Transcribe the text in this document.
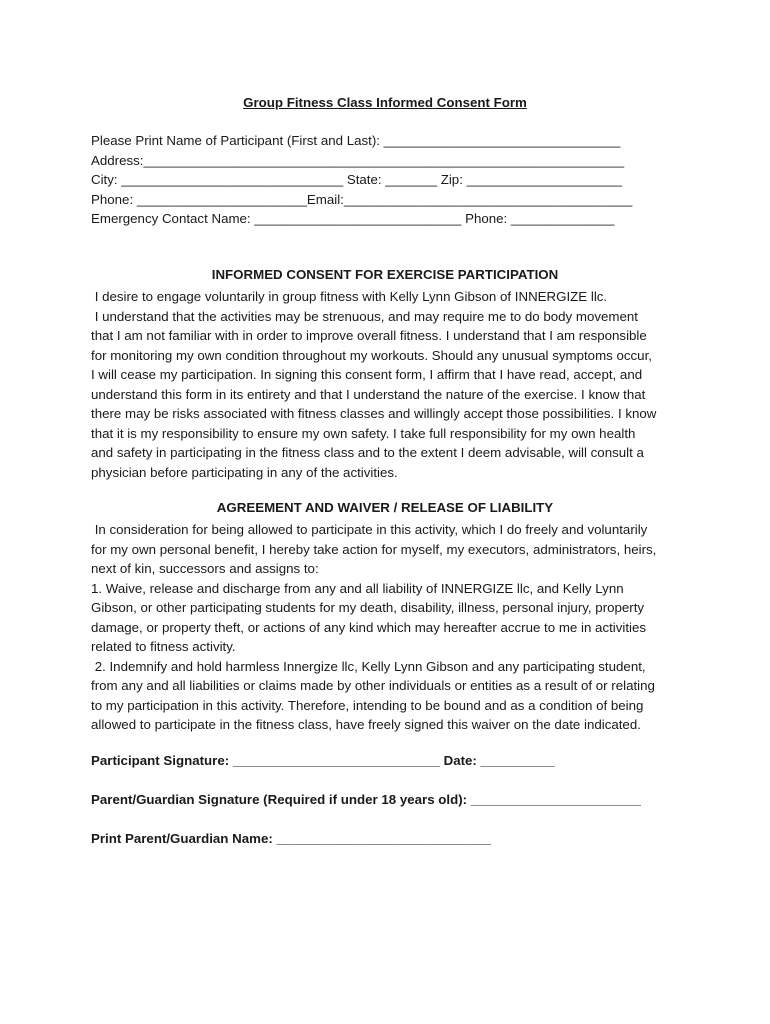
Group Fitness Class Informed Consent Form
Please Print Name of Participant (First and Last): ________________________________
Address:_________________________________________________________________
City: ______________________________ State: _______ Zip: _____________________
Phone: _______________________Email:_______________________________________
Emergency Contact Name: ____________________________ Phone: ______________
INFORMED CONSENT FOR EXERCISE PARTICIPATION
I desire to engage voluntarily in group fitness with Kelly Lynn Gibson of INNERGIZE llc.
I understand that the activities may be strenuous, and may require me to do body movement
that I am not familiar with in order to improve overall fitness. I understand that I am responsible
for monitoring my own condition throughout my workouts. Should any unusual symptoms occur,
I will cease my participation. In signing this consent form, I affirm that I have read, accept, and
understand this form in its entirety and that I understand the nature of the exercise. I know that
there may be risks associated with fitness classes and willingly accept those possibilities. I know
that it is my responsibility to ensure my own safety. I take full responsibility for my own health
and safety in participating in the fitness class and to the extent I deem advisable, will consult a
physician before participating in any of the activities.
AGREEMENT AND WAIVER / RELEASE OF LIABILITY
In consideration for being allowed to participate in this activity, which I do freely and voluntarily
for my own personal benefit, I hereby take action for myself, my executors, administrators, heirs,
next of kin, successors and assigns to:
1. Waive, release and discharge from any and all liability of INNERGIZE llc, and Kelly Lynn
Gibson, or other participating students for my death, disability, illness, personal injury, property
damage, or property theft, or actions of any kind which may hereafter accrue to me in activities
related to fitness activity.
2. Indemnify and hold harmless Innergize llc, Kelly Lynn Gibson and any participating student,
from any and all liabilities or claims made by other individuals or entities as a result of or relating
to my participation in this activity. Therefore, intending to be bound and as a condition of being
allowed to participate in the fitness class, have freely signed this waiver on the date indicated.
Participant Signature: ____________________________ Date: __________
Parent/Guardian Signature (Required if under 18 years old): _______________________
Print Parent/Guardian Name: _____________________________
